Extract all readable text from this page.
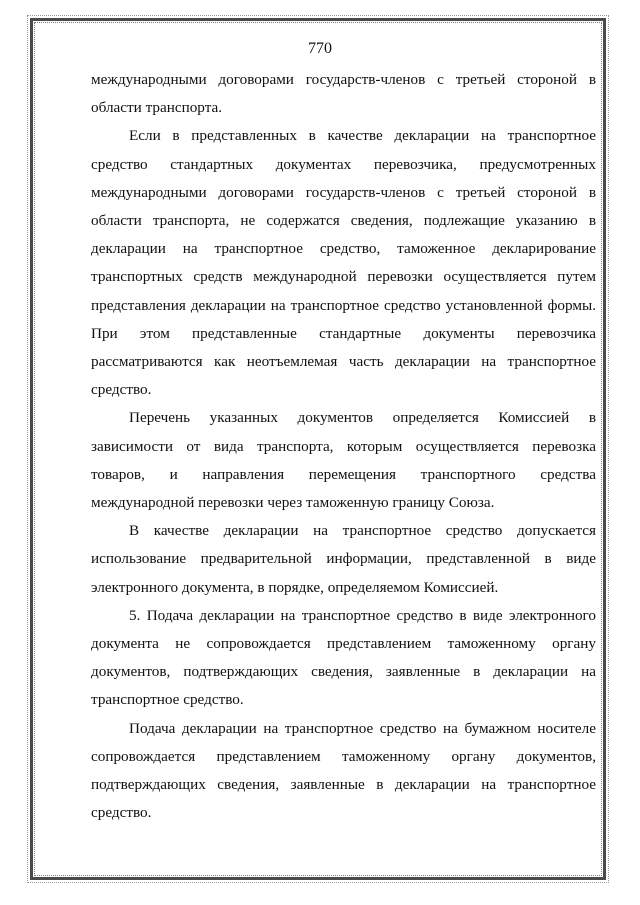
770

международными договорами государств-членов с третьей стороной в области транспорта.

Если в представленных в качестве декларации на транспортное средство стандартных документах перевозчика, предусмотренных международными договорами государств-членов с третьей стороной в области транспорта, не содержатся сведения, подлежащие указанию в декларации на транспортное средство, таможенное декларирование транспортных средств международной перевозки осуществляется путем представления декларации на транспортное средство установленной формы. При этом представленные стандартные документы перевозчика рассматриваются как неотъемлемая часть декларации на транспортное средство.

Перечень указанных документов определяется Комиссией в зависимости от вида транспорта, которым осуществляется перевозка товаров, и направления перемещения транспортного средства международной перевозки через таможенную границу Союза.

В качестве декларации на транспортное средство допускается использование предварительной информации, представленной в виде электронного документа, в порядке, определяемом Комиссией.

5. Подача декларации на транспортное средство в виде электронного документа не сопровождается представлением таможенному органу документов, подтверждающих сведения, заявленные в декларации на транспортное средство.

Подача декларации на транспортное средство на бумажном носителе сопровождается представлением таможенному органу документов, подтверждающих сведения, заявленные в декларации на транспортное средство.
